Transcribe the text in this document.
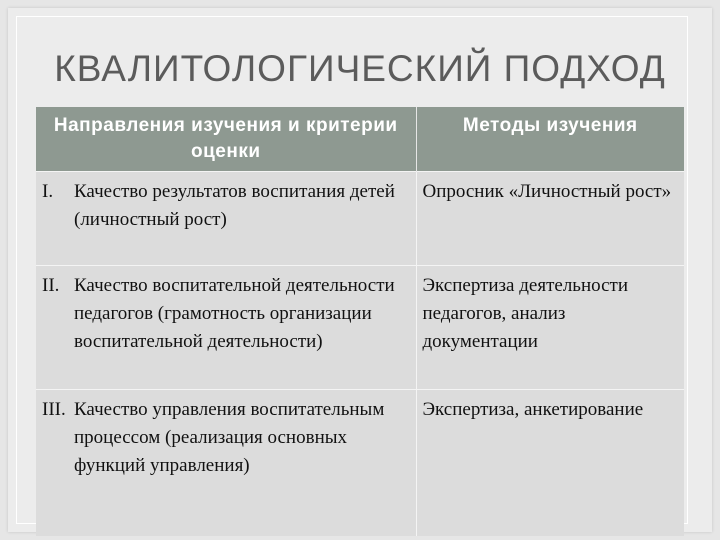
КВАЛИТОЛОГИЧЕСКИЙ ПОДХОД
Направления изучения и критерии оценки	Методы изучения

I. Качество результатов воспитания детей (личностный рост)	Опросник «Личностный рост»

II. Качество воспитательной деятельности педагогов (грамотность организации воспитательной деятельности)	Экспертиза деятельности педагогов, анализ документации

III. Качество управления воспитательным процессом (реализация основных функций управления)	Экспертиза, анкетирование
